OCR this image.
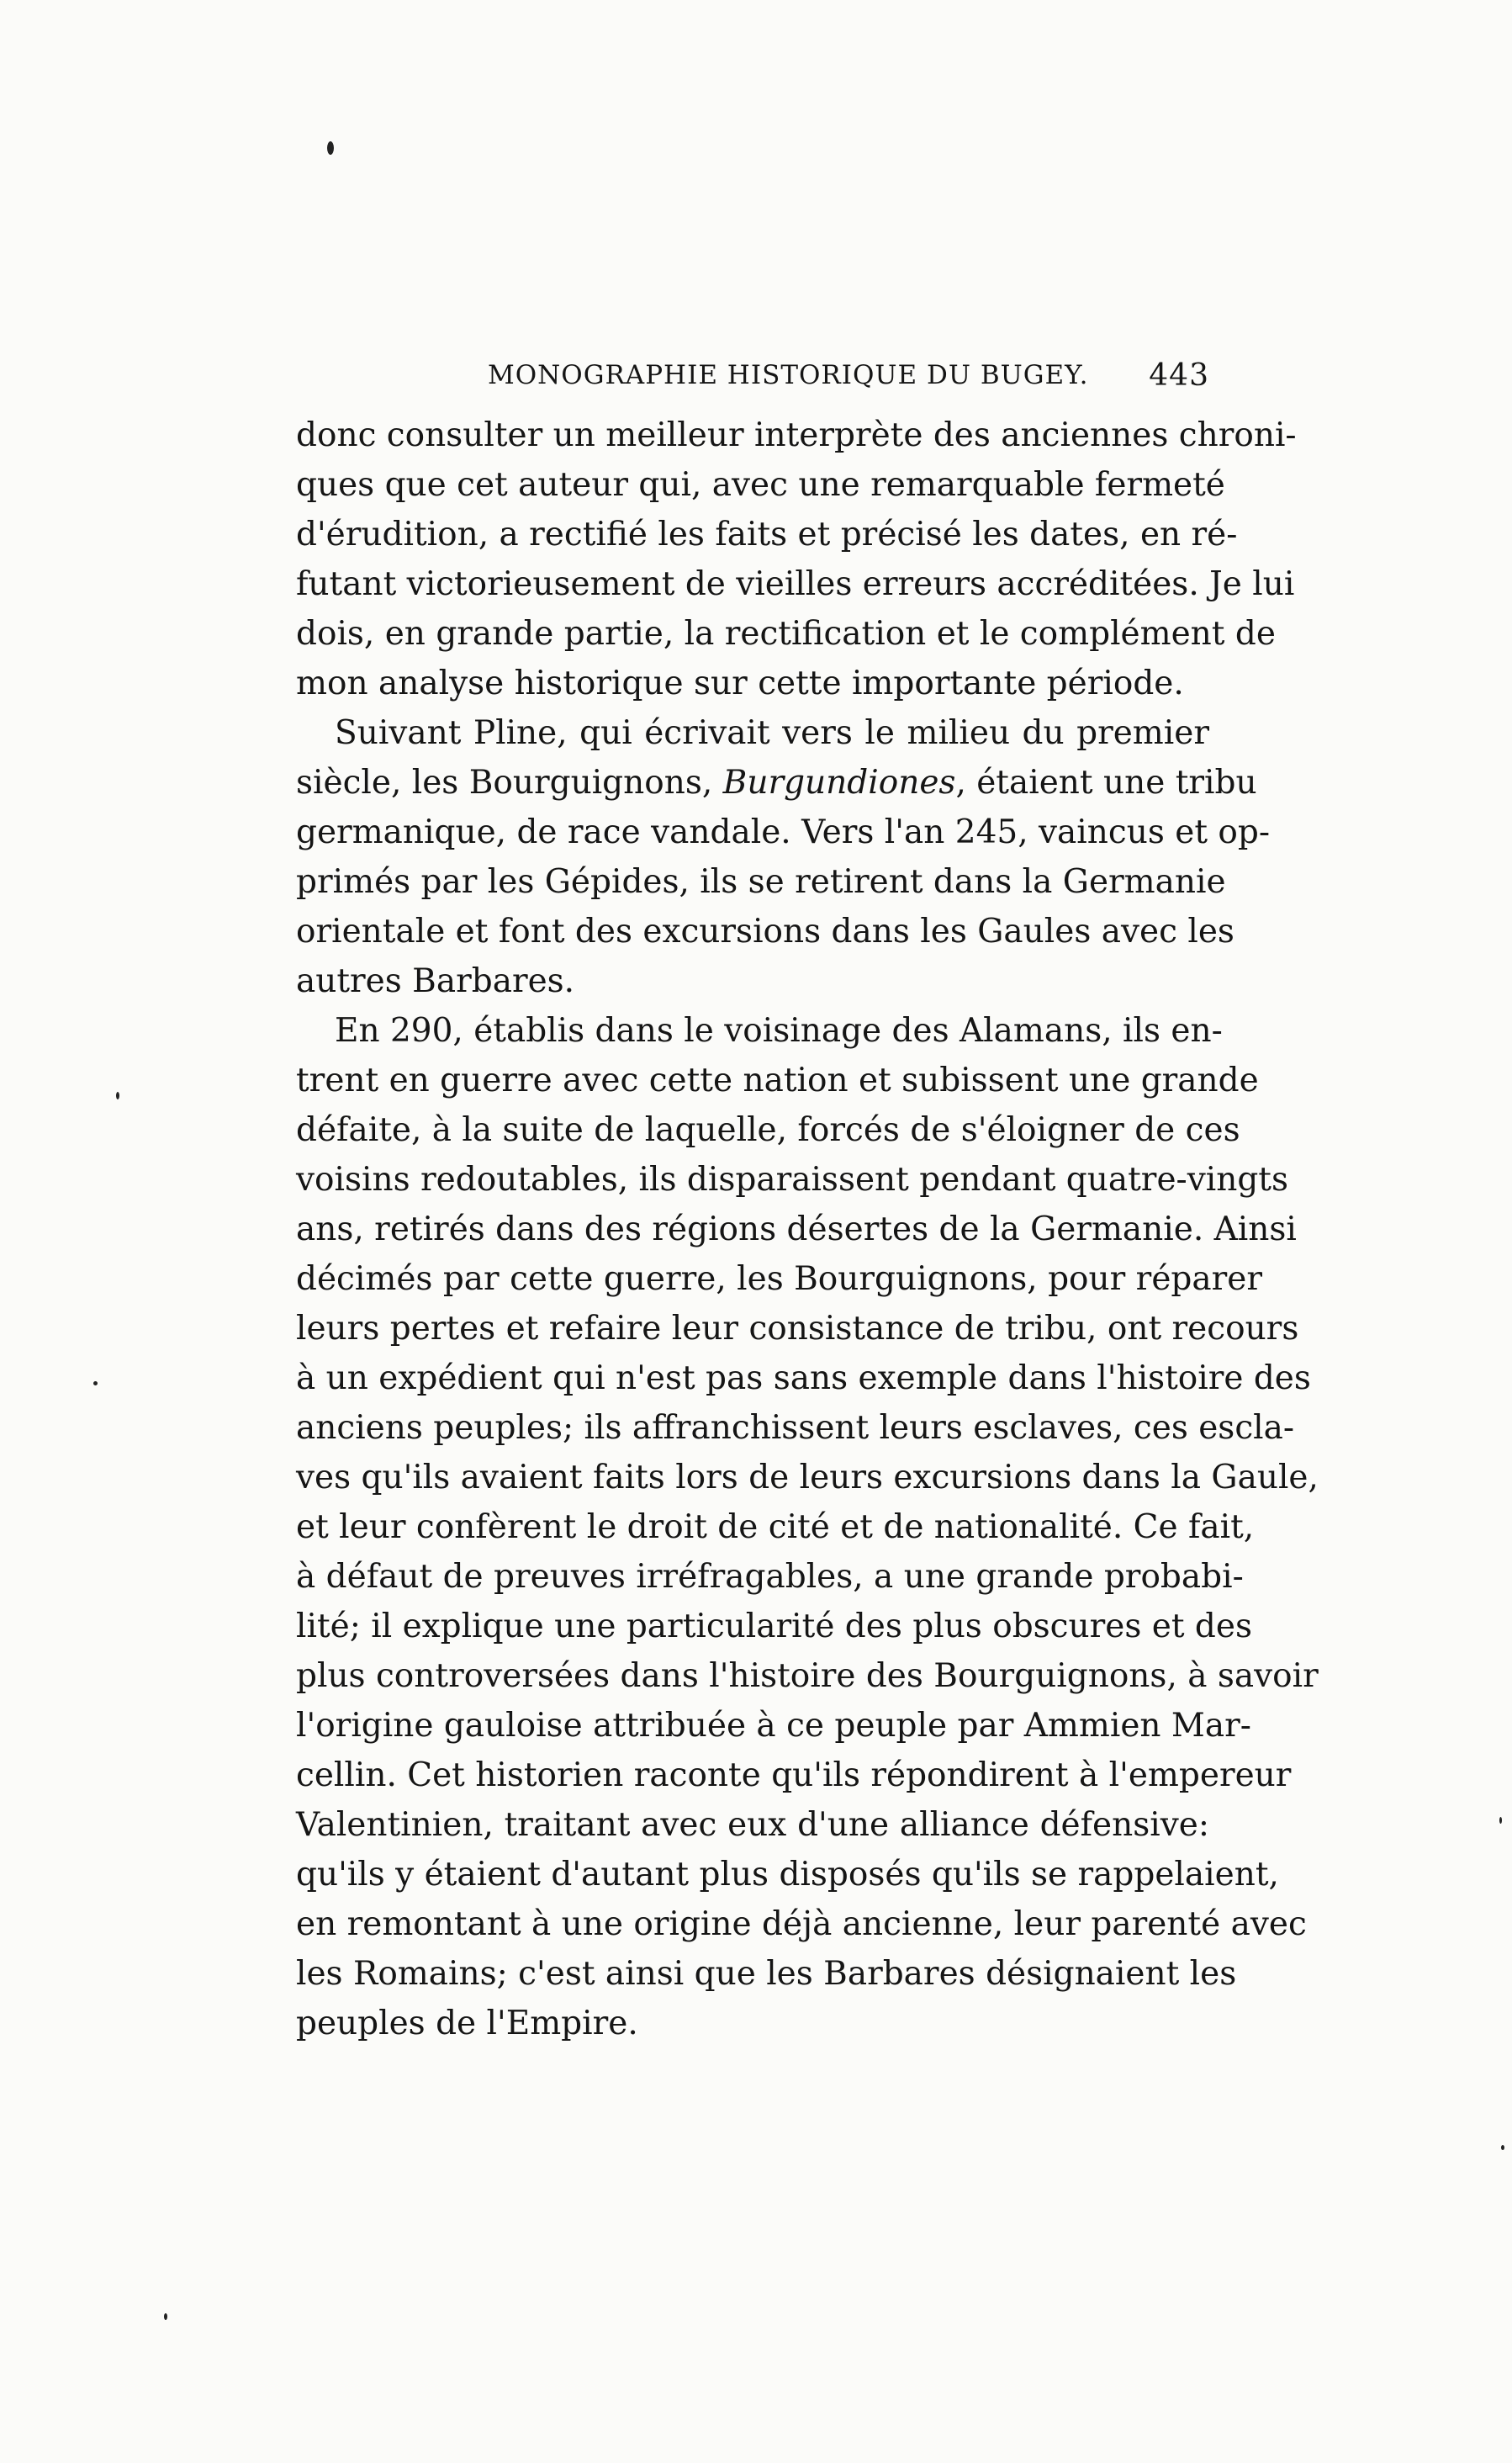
MONOGRAPHIE HISTORIQUE DU BUGEY. 443
donc consulter un meilleur interprète des anciennes chroni-
ques que cet auteur qui, avec une remarquable fermeté
d'érudition, a rectifié les faits et précisé les dates, en ré-
futant victorieusement de vieilles erreurs accréditées. Je lui
dois, en grande partie, la rectification et le complément de
mon analyse historique sur cette importante période.
Suivant Pline, qui écrivait vers le milieu du premier
siècle, les Bourguignons, Burgundiones, étaient une tribu
germanique, de race vandale. Vers l'an 245, vaincus et op-
primés par les Gépides, ils se retirent dans la Germanie
orientale et font des excursions dans les Gaules avec les
autres Barbares.
En 290, établis dans le voisinage des Alamans, ils en-
trent en guerre avec cette nation et subissent une grande
défaite, à la suite de laquelle, forcés de s'éloigner de ces
voisins redoutables, ils disparaissent pendant quatre-vingts
ans, retirés dans des régions désertes de la Germanie. Ainsi
décimés par cette guerre, les Bourguignons, pour réparer
leurs pertes et refaire leur consistance de tribu, ont recours
à un expédient qui n'est pas sans exemple dans l'histoire des
anciens peuples; ils affranchissent leurs esclaves, ces escla-
ves qu'ils avaient faits lors de leurs excursions dans la Gaule,
et leur confèrent le droit de cité et de nationalité. Ce fait,
à défaut de preuves irréfragables, a une grande probabi-
lité; il explique une particularité des plus obscures et des
plus controversées dans l'histoire des Bourguignons, à savoir
l'origine gauloise attribuée à ce peuple par Ammien Mar-
cellin. Cet historien raconte qu'ils répondirent à l'empereur
Valentinien, traitant avec eux d'une alliance défensive:
qu'ils y étaient d'autant plus disposés qu'ils se rappelaient,
en remontant à une origine déjà ancienne, leur parenté avec
les Romains; c'est ainsi que les Barbares désignaient les
peuples de l'Empire.
